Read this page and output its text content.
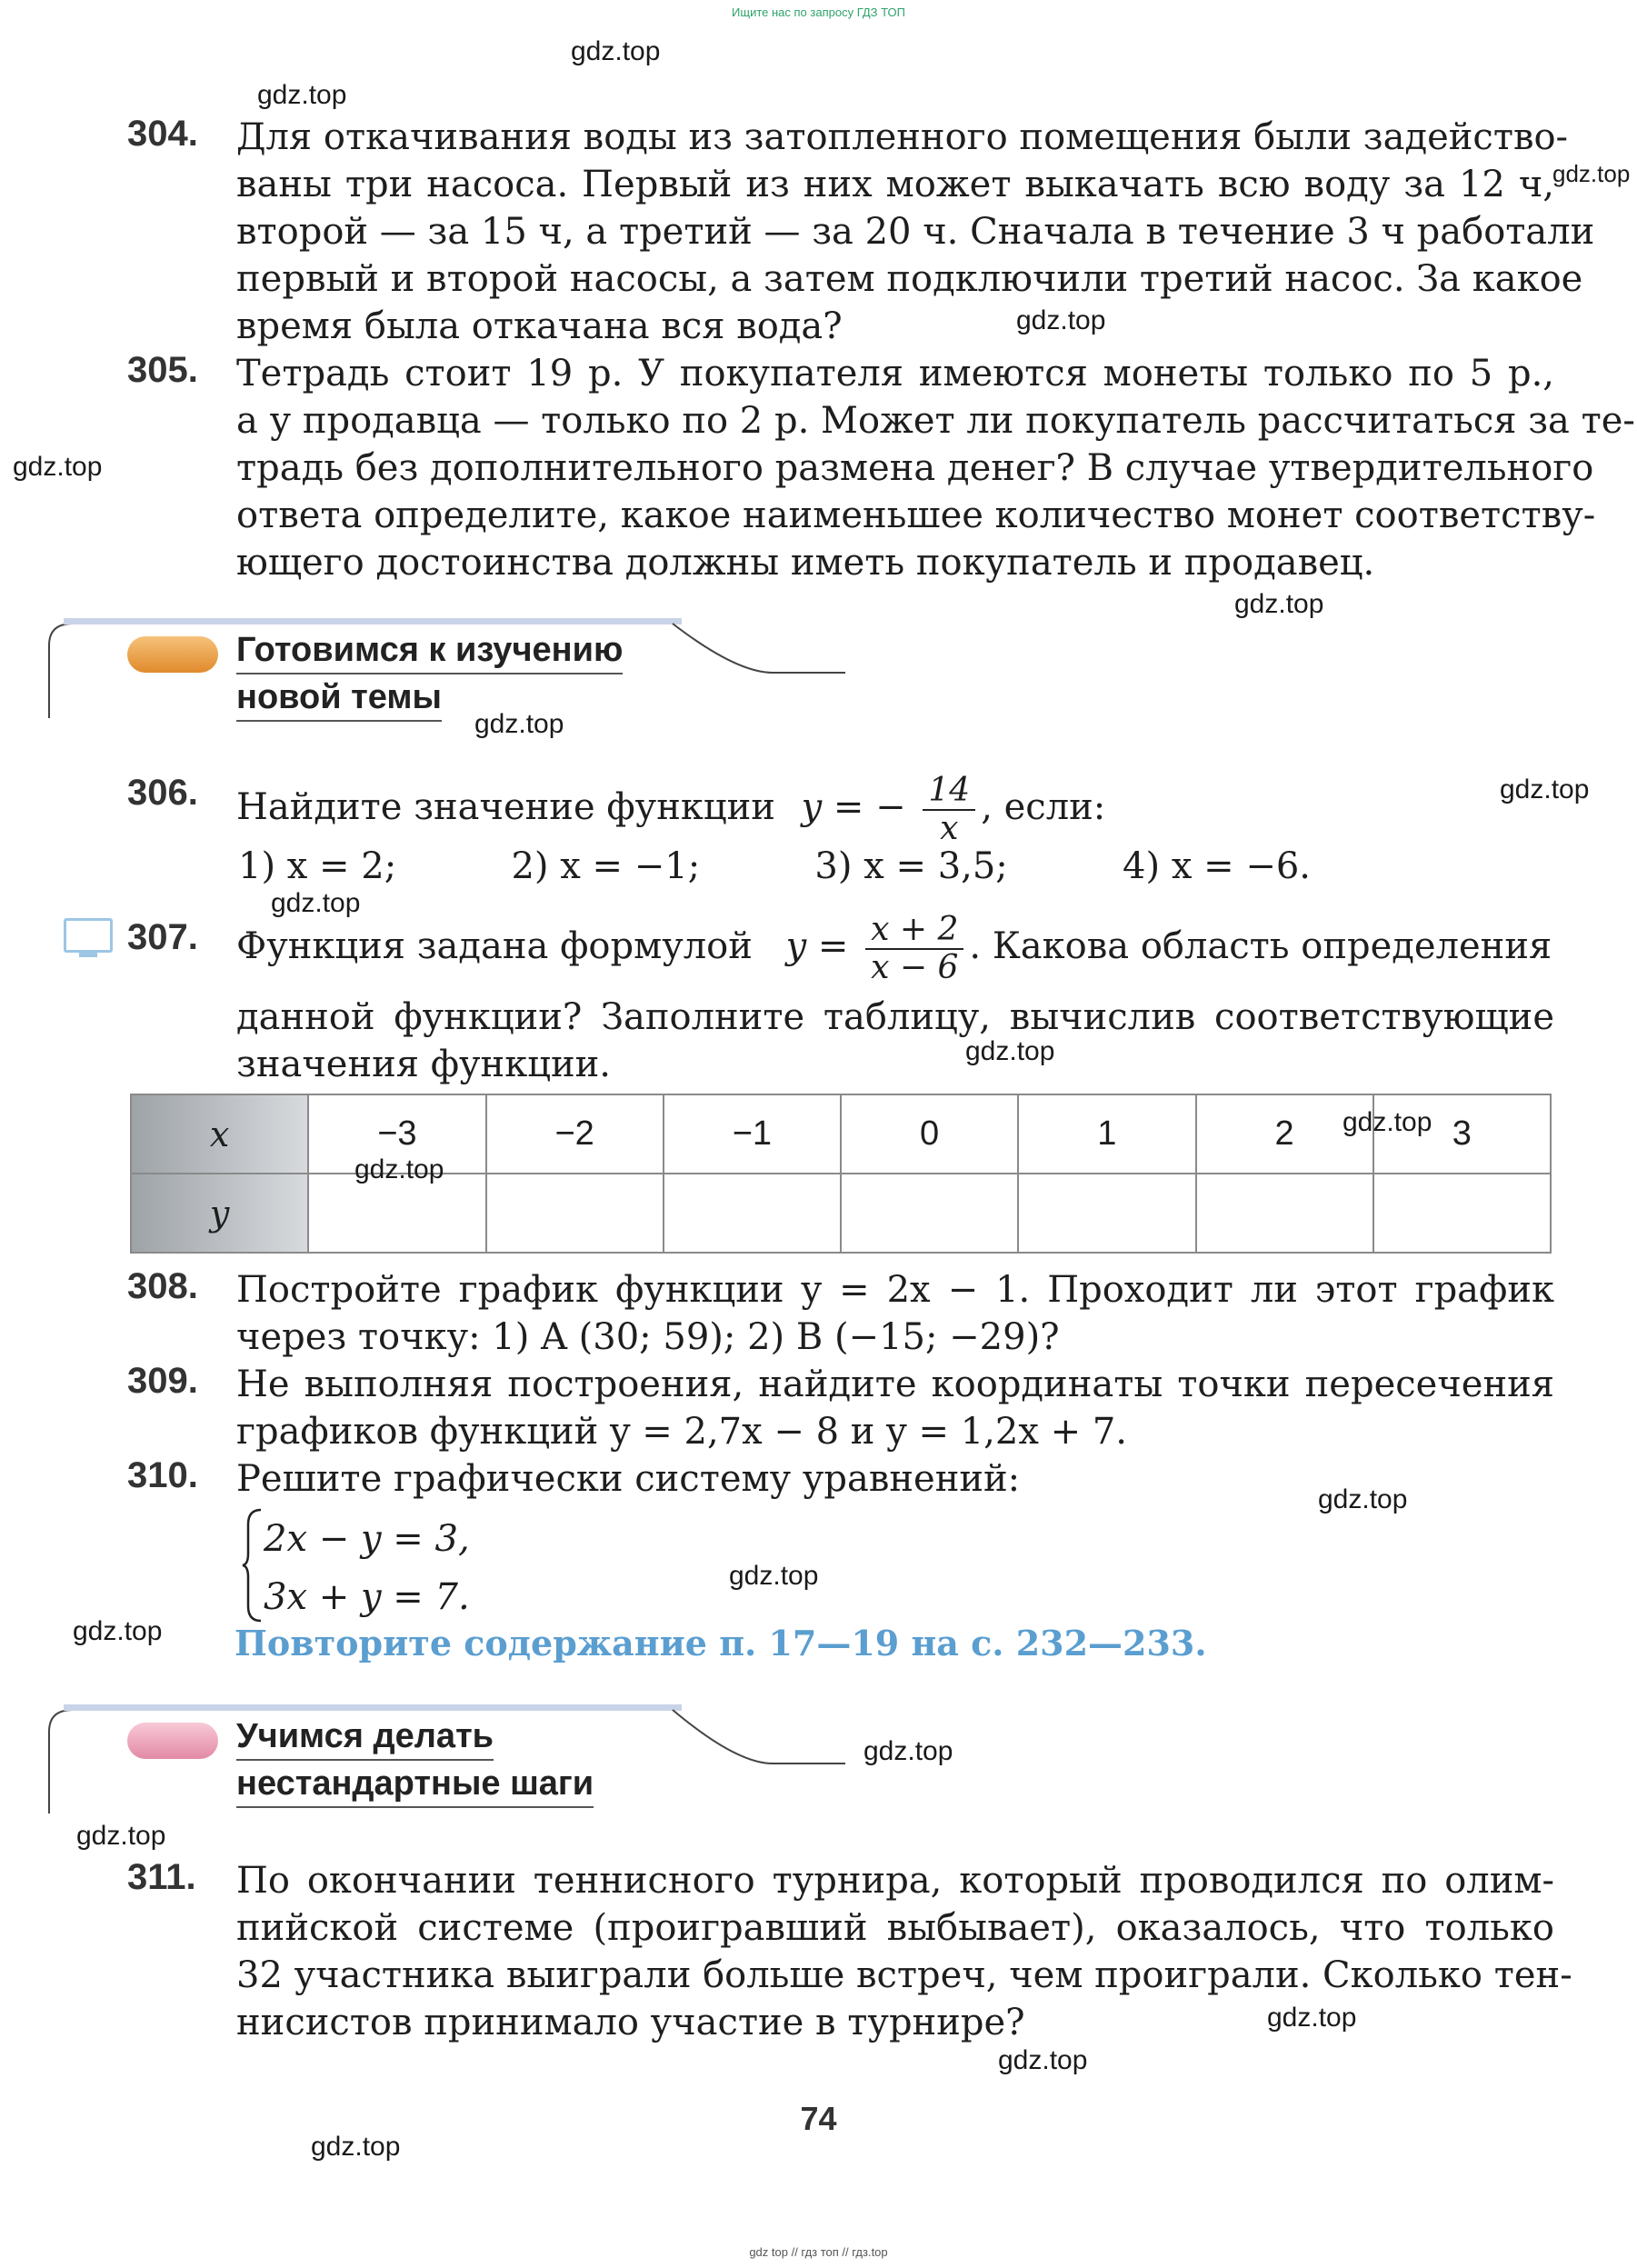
Ищите нас по запросу ГДЗ ТОП
304. Для откачивания воды из затопленного помещения были задейство-
ваны три насоса. Первый из них может выкачать всю воду за 12 ч,
второй — за 15 ч, а третий — за 20 ч. Сначала в течение 3 ч работали
первый и второй насосы, а затем подключили третий насос. За какое
время была откачана вся вода?
305. Тетрадь стоит 19 р. У покупателя имеются монеты только по 5 р.,
а у продавца — только по 2 р. Может ли покупатель рассчитаться за те-
традь без дополнительного размена денег? В случае утвердительного
ответа определите, какое наименьшее количество монет соответству-
ющего достоинства должны иметь покупатель и продавец.
Готовимся к изучению
новой темы
306. Найдите значение функции y = − $\frac{14}{x}$ , если:
1) x = 2;	2) x = −1;	3) x = 3,5;	4) x = −6.
307. Функция задана формулой $y = \frac{x + 2}{x - 6}$ . Какова область определения
данной функции? Заполните таблицу, вычислив соответствующие
значения функции.
x	−3	−2	−1	0	1	2	3
y							
308. Постройте график функции y = 2x − 1. Проходит ли этот график
через точку: 1) A (30; 59); 2) B (−15; −29)?
309. Не выполняя построения, найдите координаты точки пересечения
графиков функций y = 2,7x − 8 и y = 1,2x + 7.
310. Решите графически систему уравнений:
2x − y = 3,
3x + y = 7.
Повторите содержание п. 17—19 на с. 232—233.
Учимся делать
нестандартные шаги
311. По окончании теннисного турнира, который проводился по олим-
пийской системе (проигравший выбывает), оказалось, что только
32 участника выиграли больше встреч, чем проиграли. Сколько тен-
нисистов принимало участие в турнире?
74
gdz.top
gdz.top
gdz.top
gdz.top
gdz.top
gdz.top
gdz.top
gdz.top
gdz.top
gdz.top
gdz.top
gdz.top
gdz.top
gdz.top
gdz.top
gdz.top
gdz.top
gdz.top
gdz.top
gdz.top
gdz top // гдз топ // гдз.top
